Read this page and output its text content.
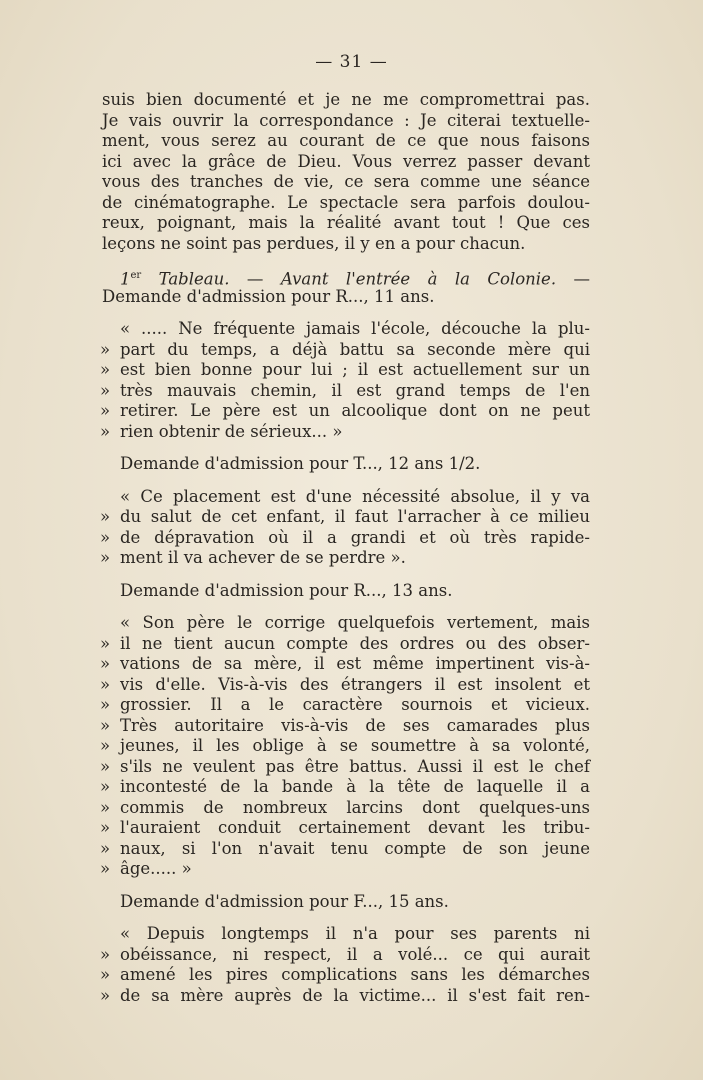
— 31 —
suis bien documenté et je ne me compromettrai pas.
Je vais ouvrir la correspondance : Je citerai textuelle-
ment, vous serez au courant de ce que nous faisons
ici avec la grâce de Dieu. Vous verrez passer devant
vous des tranches de vie, ce sera comme une séance
de cinématographe. Le spectacle sera parfois doulou-
reux, poignant, mais la réalité avant tout ! Que ces
leçons ne soint pas perdues, il y en a pour chacun.
1er Tableau. — Avant l'entrée à la Colonie. —
Demande d'admission pour R..., 11 ans.
« ..... Ne fréquente jamais l'école, découche la plu-
» part du temps, a déjà battu sa seconde mère qui
» est bien bonne pour lui ; il est actuellement sur un
» très mauvais chemin, il est grand temps de l'en
» retirer. Le père est un alcoolique dont on ne peut
» rien obtenir de sérieux... »
Demande d'admission pour T..., 12 ans 1/2.
« Ce placement est d'une nécessité absolue, il y va
» du salut de cet enfant, il faut l'arracher à ce milieu
» de dépravation où il a grandi et où très rapide-
» ment il va achever de se perdre ».
Demande d'admission pour R..., 13 ans.
« Son père le corrige quelquefois vertement, mais
» il ne tient aucun compte des ordres ou des obser-
» vations de sa mère, il est même impertinent vis-à-
» vis d'elle. Vis-à-vis des étrangers il est insolent et
» grossier. Il a le caractère sournois et vicieux.
» Très autoritaire vis-à-vis de ses camarades plus
» jeunes, il les oblige à se soumettre à sa volonté,
» s'ils ne veulent pas être battus. Aussi il est le chef
» incontesté de la bande à la tête de laquelle il a
» commis de nombreux larcins dont quelques-uns
» l'auraient conduit certainement devant les tribu-
» naux, si l'on n'avait tenu compte de son jeune
» âge..... »
Demande d'admission pour F..., 15 ans.
« Depuis longtemps il n'a pour ses parents ni
» obéissance, ni respect, il a volé... ce qui aurait
» amené les pires complications sans les démarches
» de sa mère auprès de la victime... il s'est fait ren-
